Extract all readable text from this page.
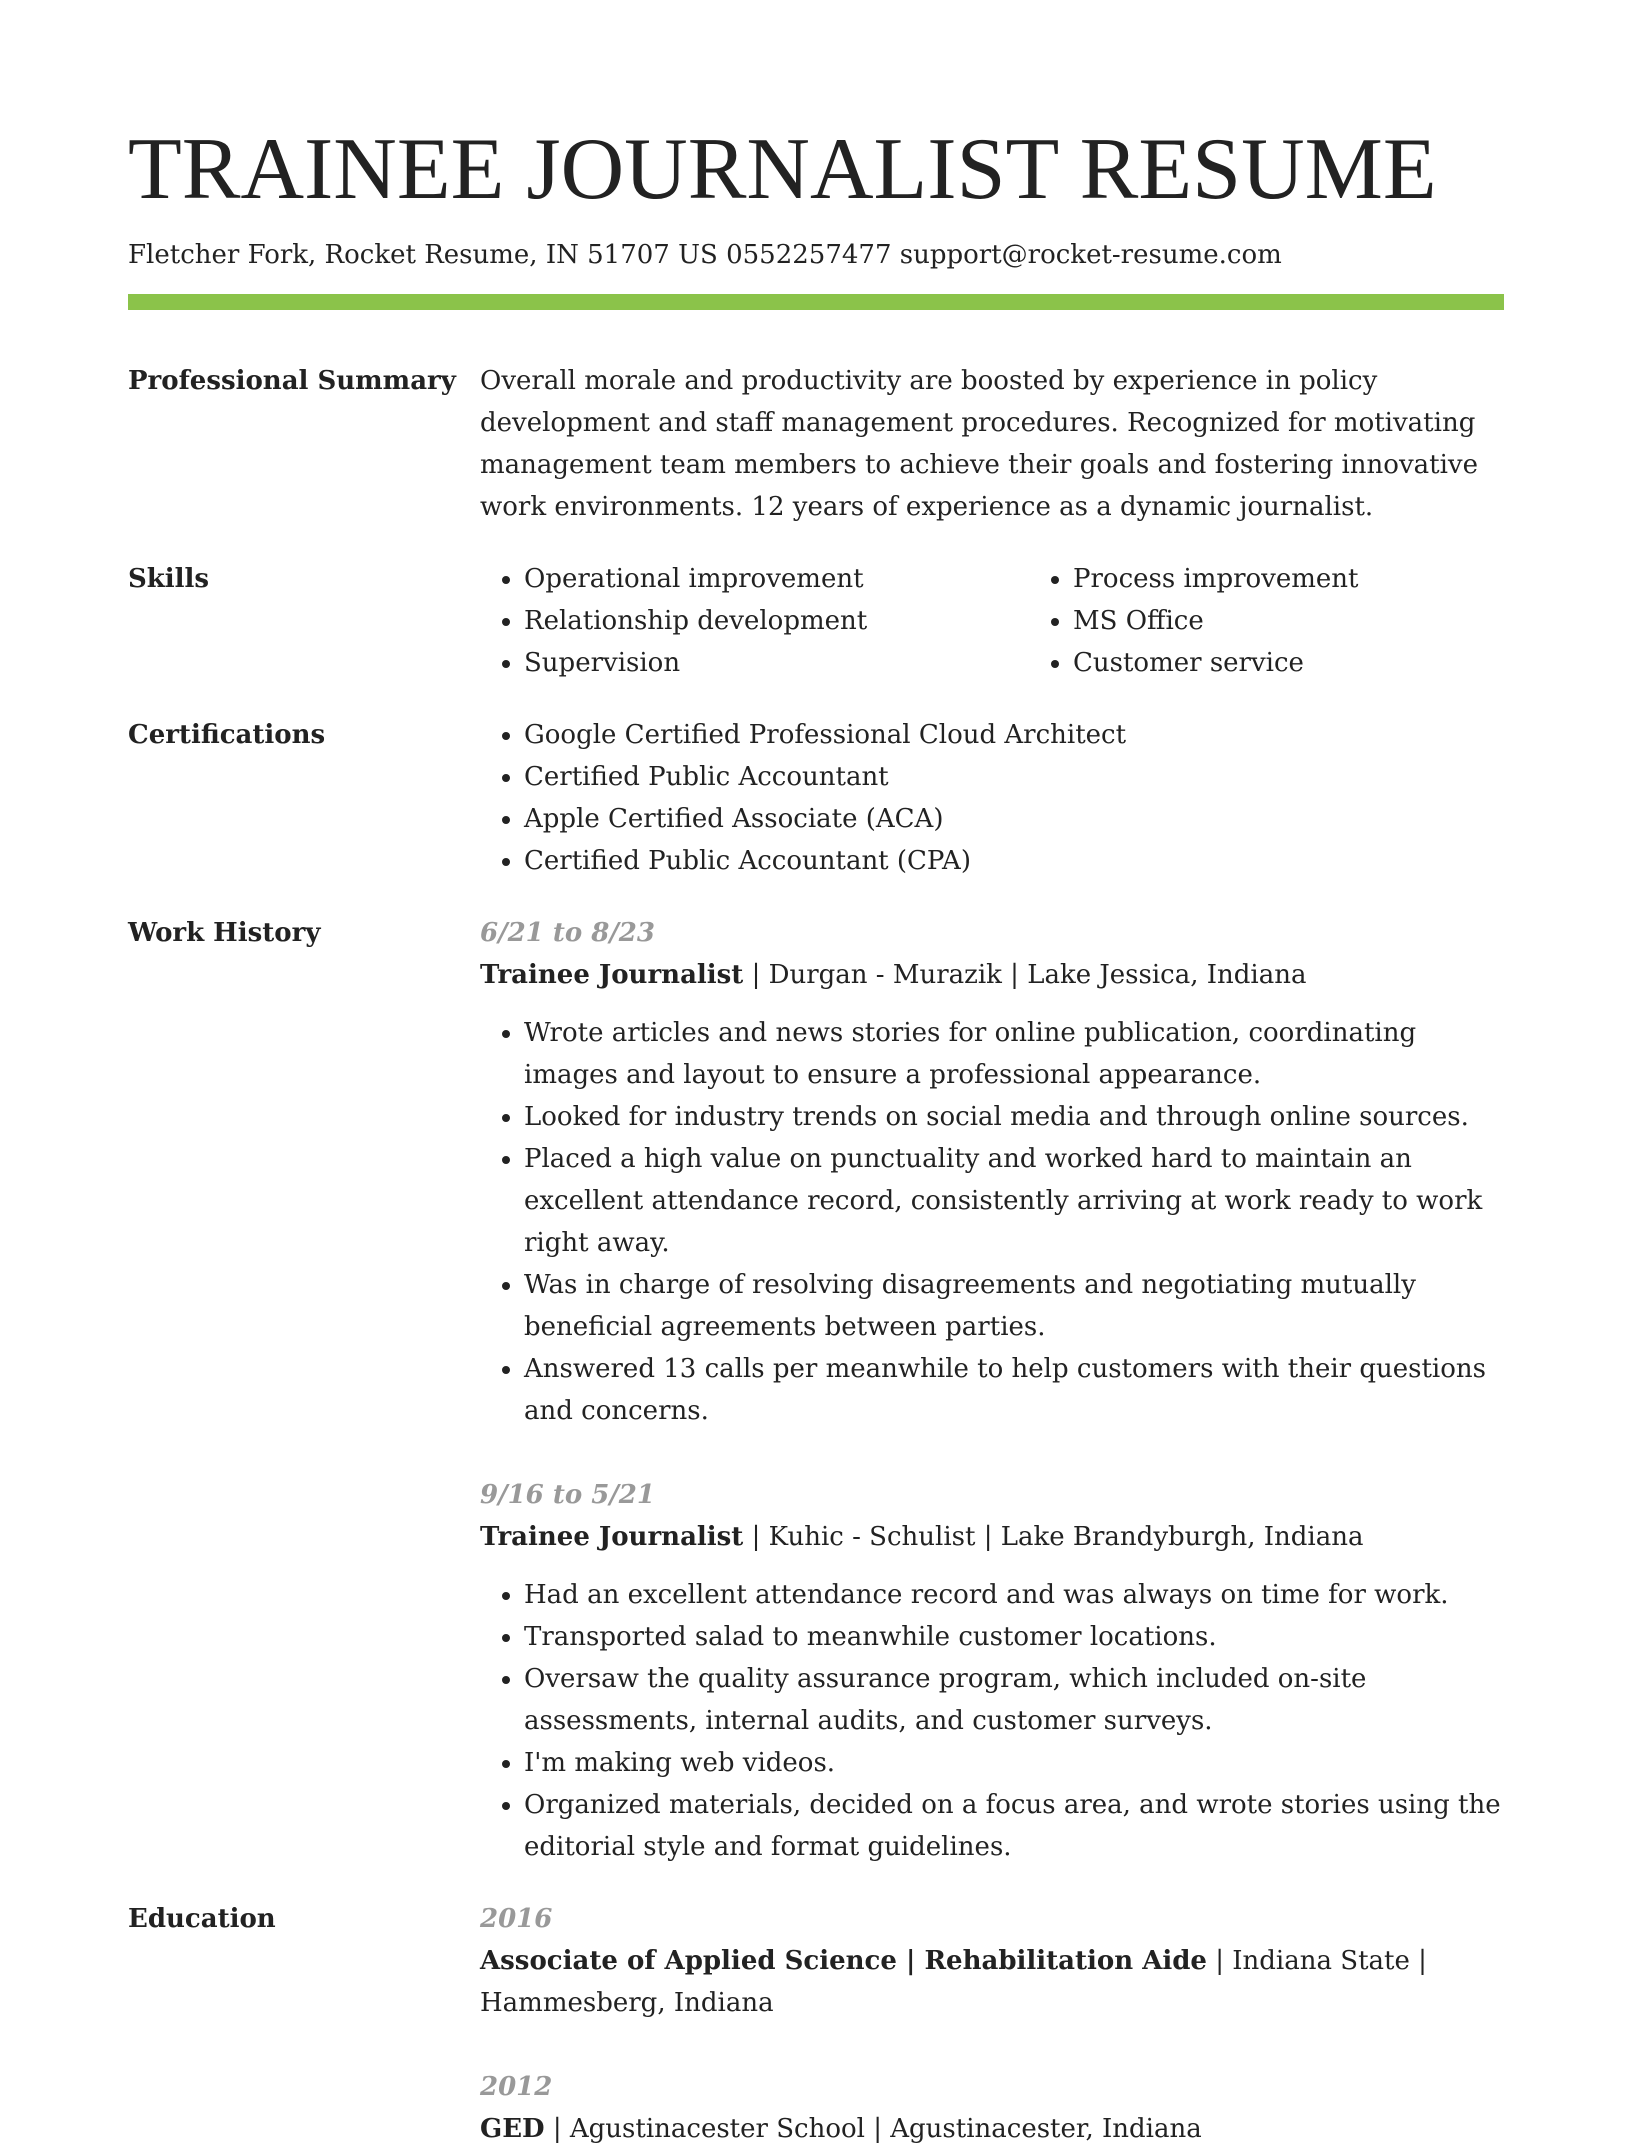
TRAINEE JOURNALIST RESUME
Fletcher Fork, Rocket Resume, IN 51707 US 0552257477 support@rocket-resume.com
Professional Summary Overall morale and productivity are boosted by experience in policy development and staff management procedures. Recognized for motivating management team members to achieve their goals and fostering innovative work environments. 12 years of experience as a dynamic journalist.

Skills	• Operational improvement
• Relationship development
• Supervision
• Process improvement
• MS Office
• Customer service
Certifications	• Google Certified Professional Cloud Architect
• Certified Public Accountant
• Apple Certified Associate (ACA)
• Certified Public Accountant (CPA)
Work History	6/21 to 8/23
Trainee Journalist | Durgan - Murazik | Lake Jessica, Indiana
• Wrote articles and news stories for online publication, coordinating images and layout to ensure a professional appearance.
• Looked for industry trends on social media and through online sources.
• Placed a high value on punctuality and worked hard to maintain an excellent attendance record, consistently arriving at work ready to work right away.
• Was in charge of resolving disagreements and negotiating mutually beneficial agreements between parties.
• Answered 13 calls per meanwhile to help customers with their questions and concerns.
9/16 to 5/21
Trainee Journalist | Kuhic - Schulist | Lake Brandyburgh, Indiana
• Had an excellent attendance record and was always on time for work.
• Transported salad to meanwhile customer locations.
• Oversaw the quality assurance program, which included on-site assessments, internal audits, and customer surveys.
• I'm making web videos.
• Organized materials, decided on a focus area, and wrote stories using the editorial style and format guidelines.
Education	2016
Associate of Applied Science | Rehabilitation Aide | Indiana State | Hammesberg, Indiana
2012
GED | Agustinacester School | Agustinacester, Indiana
